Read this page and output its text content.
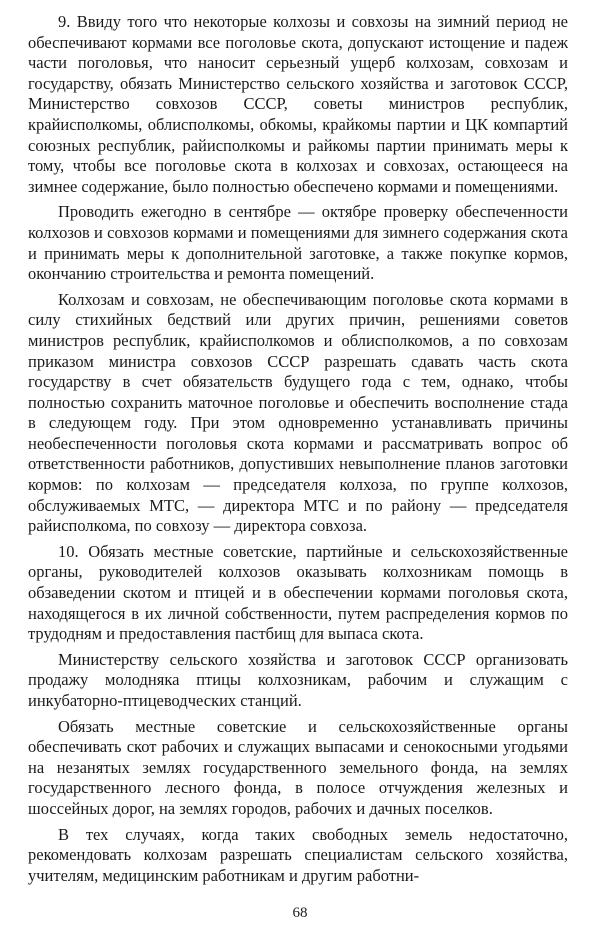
9. Ввиду того что некоторые колхозы и совхозы на зимний период не обеспечивают кормами все поголовье скота, допускают истощение и падеж части поголовья, что наносит серьезный ущерб колхозам, совхозам и государству, обязать Министерство сельского хозяйства и заготовок СССР, Министерство совхозов СССР, советы министров республик, крайисполкомы, облисполкомы, обкомы, крайкомы партии и ЦК компартий союзных республик, райисполкомы и райкомы партии принимать меры к тому, чтобы все поголовье скота в колхозах и совхозах, остающееся на зимнее содержание, было полностью обеспечено кормами и помещениями.

Проводить ежегодно в сентябре — октябре проверку обеспеченности колхозов и совхозов кормами и помещениями для зимнего содержания скота и принимать меры к дополнительной заготовке, а также покупке кормов, окончанию строительства и ремонта помещений.

Колхозам и совхозам, не обеспечивающим поголовье скота кормами в силу стихийных бедствий или других причин, решениями советов министров республик, крайисполкомов и облисполкомов, а по совхозам приказом министра совхозов СССР разрешать сдавать часть скота государству в счет обязательств будущего года с тем, однако, чтобы полностью сохранить маточное поголовье и обеспечить восполнение стада в следующем году. При этом одновременно устанавливать причины необеспеченности поголовья скота кормами и рассматривать вопрос об ответственности работников, допустивших невыполнение планов заготовки кормов: по колхозам — председателя колхоза, по группе колхозов, обслуживаемых МТС, — директора МТС и по району — председателя райисполкома, по совхозу — директора совхоза.

10. Обязать местные советские, партийные и сельскохозяйственные органы, руководителей колхозов оказывать колхозникам помощь в обзаведении скотом и птицей и в обеспечении кормами поголовья скота, находящегося в их личной собственности, путем распределения кормов по трудодням и предоставления пастбищ для выпаса скота.

Министерству сельского хозяйства и заготовок СССР организовать продажу молодняка птицы колхозникам, рабочим и служащим с инкубаторно-птицеводческих станций.

Обязать местные советские и сельскохозяйственные органы обеспечивать скот рабочих и служащих выпасами и сенокосными угодьями на незанятых землях государственного земельного фонда, на землях государственного лесного фонда, в полосе отчуждения железных и шоссейных дорог, на землях городов, рабочих и дачных поселков.

В тех случаях, когда таких свободных земель недостаточно, рекомендовать колхозам разрешать специалистам сельского хозяйства, учителям, медицинским работникам и другим работни-

68
